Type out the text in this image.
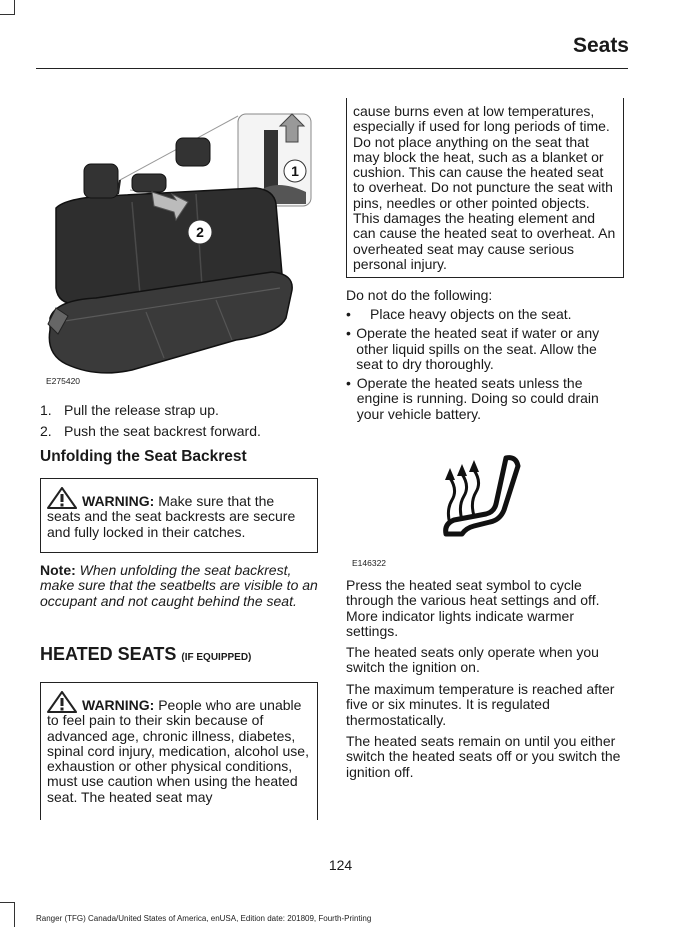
Seats
1
2
E275420
1. Pull the release strap up.
2. Push the seat backrest forward.
Unfolding the Seat Backrest
WARNING: Make sure that the seats and the seat backrests are secure and fully locked in their catches.
Note: When unfolding the seat backrest, make sure that the seatbelts are visible to an occupant and not caught behind the seat.
HEATED SEATS (IF EQUIPPED)
WARNING: People who are unable to feel pain to their skin because of advanced age, chronic illness, diabetes, spinal cord injury, medication, alcohol use, exhaustion or other physical conditions, must use caution when using the heated seat. The heated seat may
cause burns even at low temperatures, especially if used for long periods of time. Do not place anything on the seat that may block the heat, such as a blanket or cushion. This can cause the heated seat to overheat. Do not puncture the seat with pins, needles or other pointed objects. This damages the heating element and can cause the heated seat to overheat. An overheated seat may cause serious personal injury.
Do not do the following:
•	Place heavy objects on the seat.
• Operate the heated seat if water or any other liquid spills on the seat. Allow the seat to dry thoroughly.
• Operate the heated seats unless the engine is running. Doing so could drain your vehicle battery.
E146322
Press the heated seat symbol to cycle through the various heat settings and off. More indicator lights indicate warmer settings.
The heated seats only operate when you switch the ignition on.
The maximum temperature is reached after five or six minutes. It is regulated thermostatically.
The heated seats remain on until you either switch the heated seats off or you switch the ignition off.
124
Ranger (TFG) Canada/United States of America, enUSA, Edition date: 201809, Fourth-Printing
